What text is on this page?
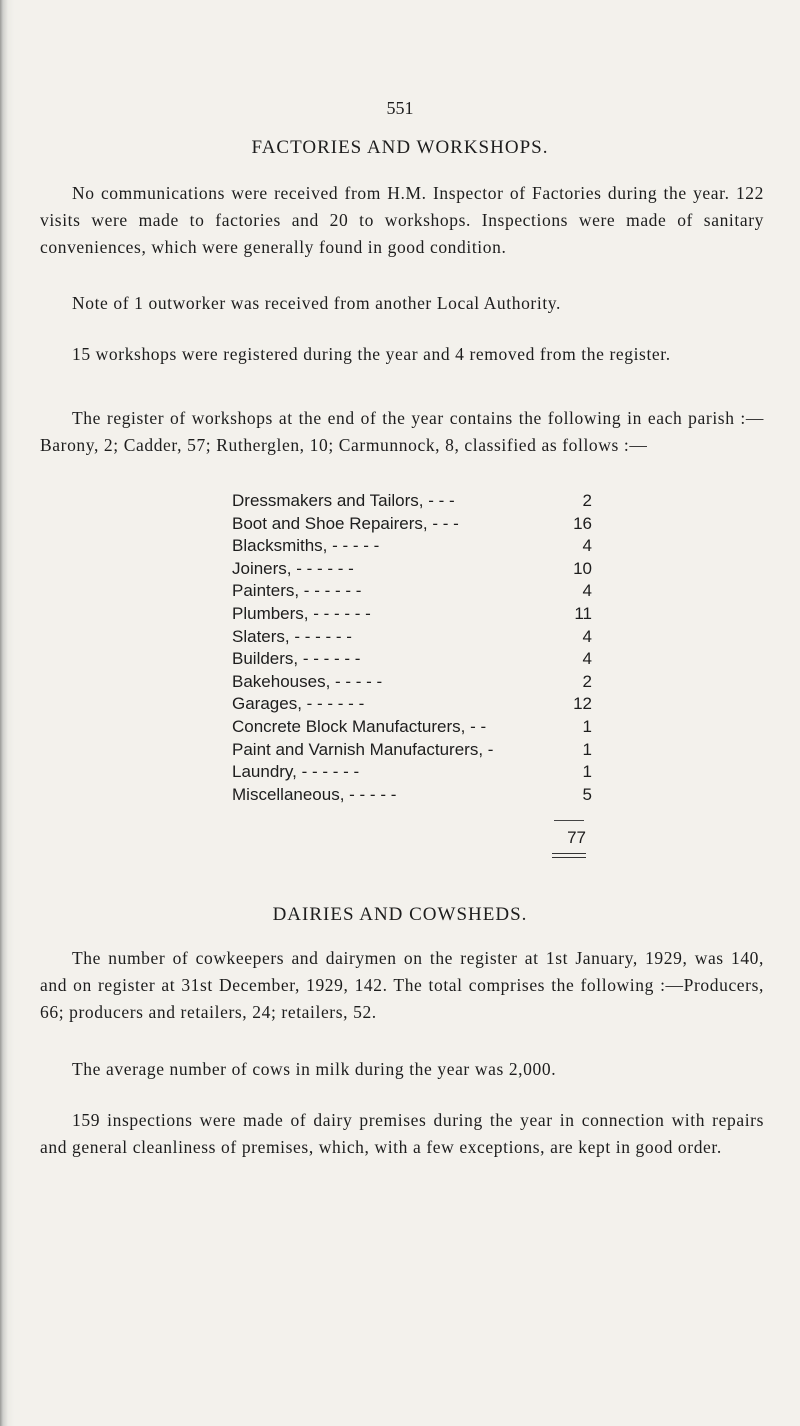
551
FACTORIES AND WORKSHOPS.
No communications were received from H.M. Inspector of Factories during the year. 122 visits were made to factories and 20 to workshops. Inspections were made of sanitary conveniences, which were generally found in good condition.
Note of 1 outworker was received from another Local Authority.
15 workshops were registered during the year and 4 removed from the register.
The register of workshops at the end of the year contains the following in each parish :—Barony, 2; Cadder, 57; Rutherglen, 10; Carmunnock, 8, classified as follows :—
Dressmakers and Tailors, - - -	2
Boot and Shoe Repairers, - - -	16
Blacksmiths, - - - - -	4
Joiners, - - - - - -	10
Painters, - - - - - -	4
Plumbers, - - - - - -	11
Slaters, - - - - - -	4
Builders, - - - - - -	4
Bakehouses, - - - - -	2
Garages, - - - - - -	12
Concrete Block Manufacturers, - -	1
Paint and Varnish Manufacturers, -	1
Laundry, - - - - - -	1
Miscellaneous, - - - - -	5
77
DAIRIES AND COWSHEDS.
The number of cowkeepers and dairymen on the register at 1st January, 1929, was 140, and on register at 31st December, 1929, 142. The total comprises the following :—Producers, 66; producers and retailers, 24; retailers, 52.
The average number of cows in milk during the year was 2,000.
159 inspections were made of dairy premises during the year in connection with repairs and general cleanliness of premises, which, with a few exceptions, are kept in good order.
